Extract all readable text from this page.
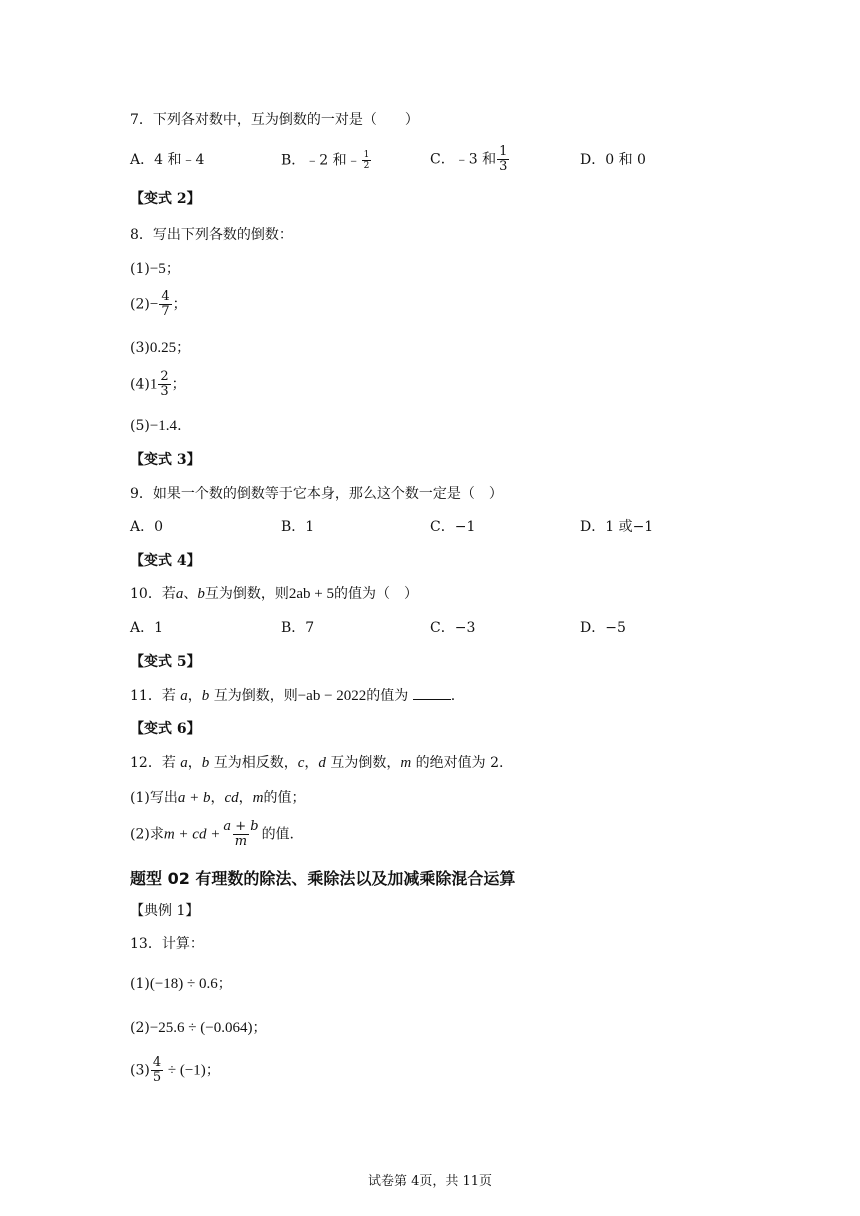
7．下列各对数中，互为倒数的一对是（　　）
A．4 和﹣4	B．﹣2 和﹣ $\frac{1}{2}$	C．﹣3 和 $\frac{1}{3}$	D．0 和 0
【变式 2】
8．写出下列各数的倒数：
(1)−5；
$(2)- \frac{4}{7}$ ；
(3)0.25；
$(4)1 \frac{2}{3}$ ；
(5)−1.4.
【变式 3】
9．如果一个数的倒数等于它本身，那么这个数一定是（　）
A．0	B．1	C．−1	D．1 或−1
【变式 4】
10．若a、b互为倒数，则2ab + 5的值为（　）
A．1	B．7	C．−3	D．−5
【变式 5】
11．若 a，b 互为倒数，则−ab − 2022的值为	.
【变式 6】
12．若 a，b 互为相反数，c，d 互为倒数，m 的绝对值为 2.
(1)写出a + b，cd，m的值；
(2)求m + cd + $\frac{a + b}{m}$ 的值.
题型 02 有理数的除法、乘除法以及加减乘除混合运算
【典例 1】
13．计算：
(1)(−18) ÷ 0.6；
(2)−25.6 ÷ (−0.064)；
$(3) \frac{4}{5} \div (-1)$；
试卷第 4页，共 11页
